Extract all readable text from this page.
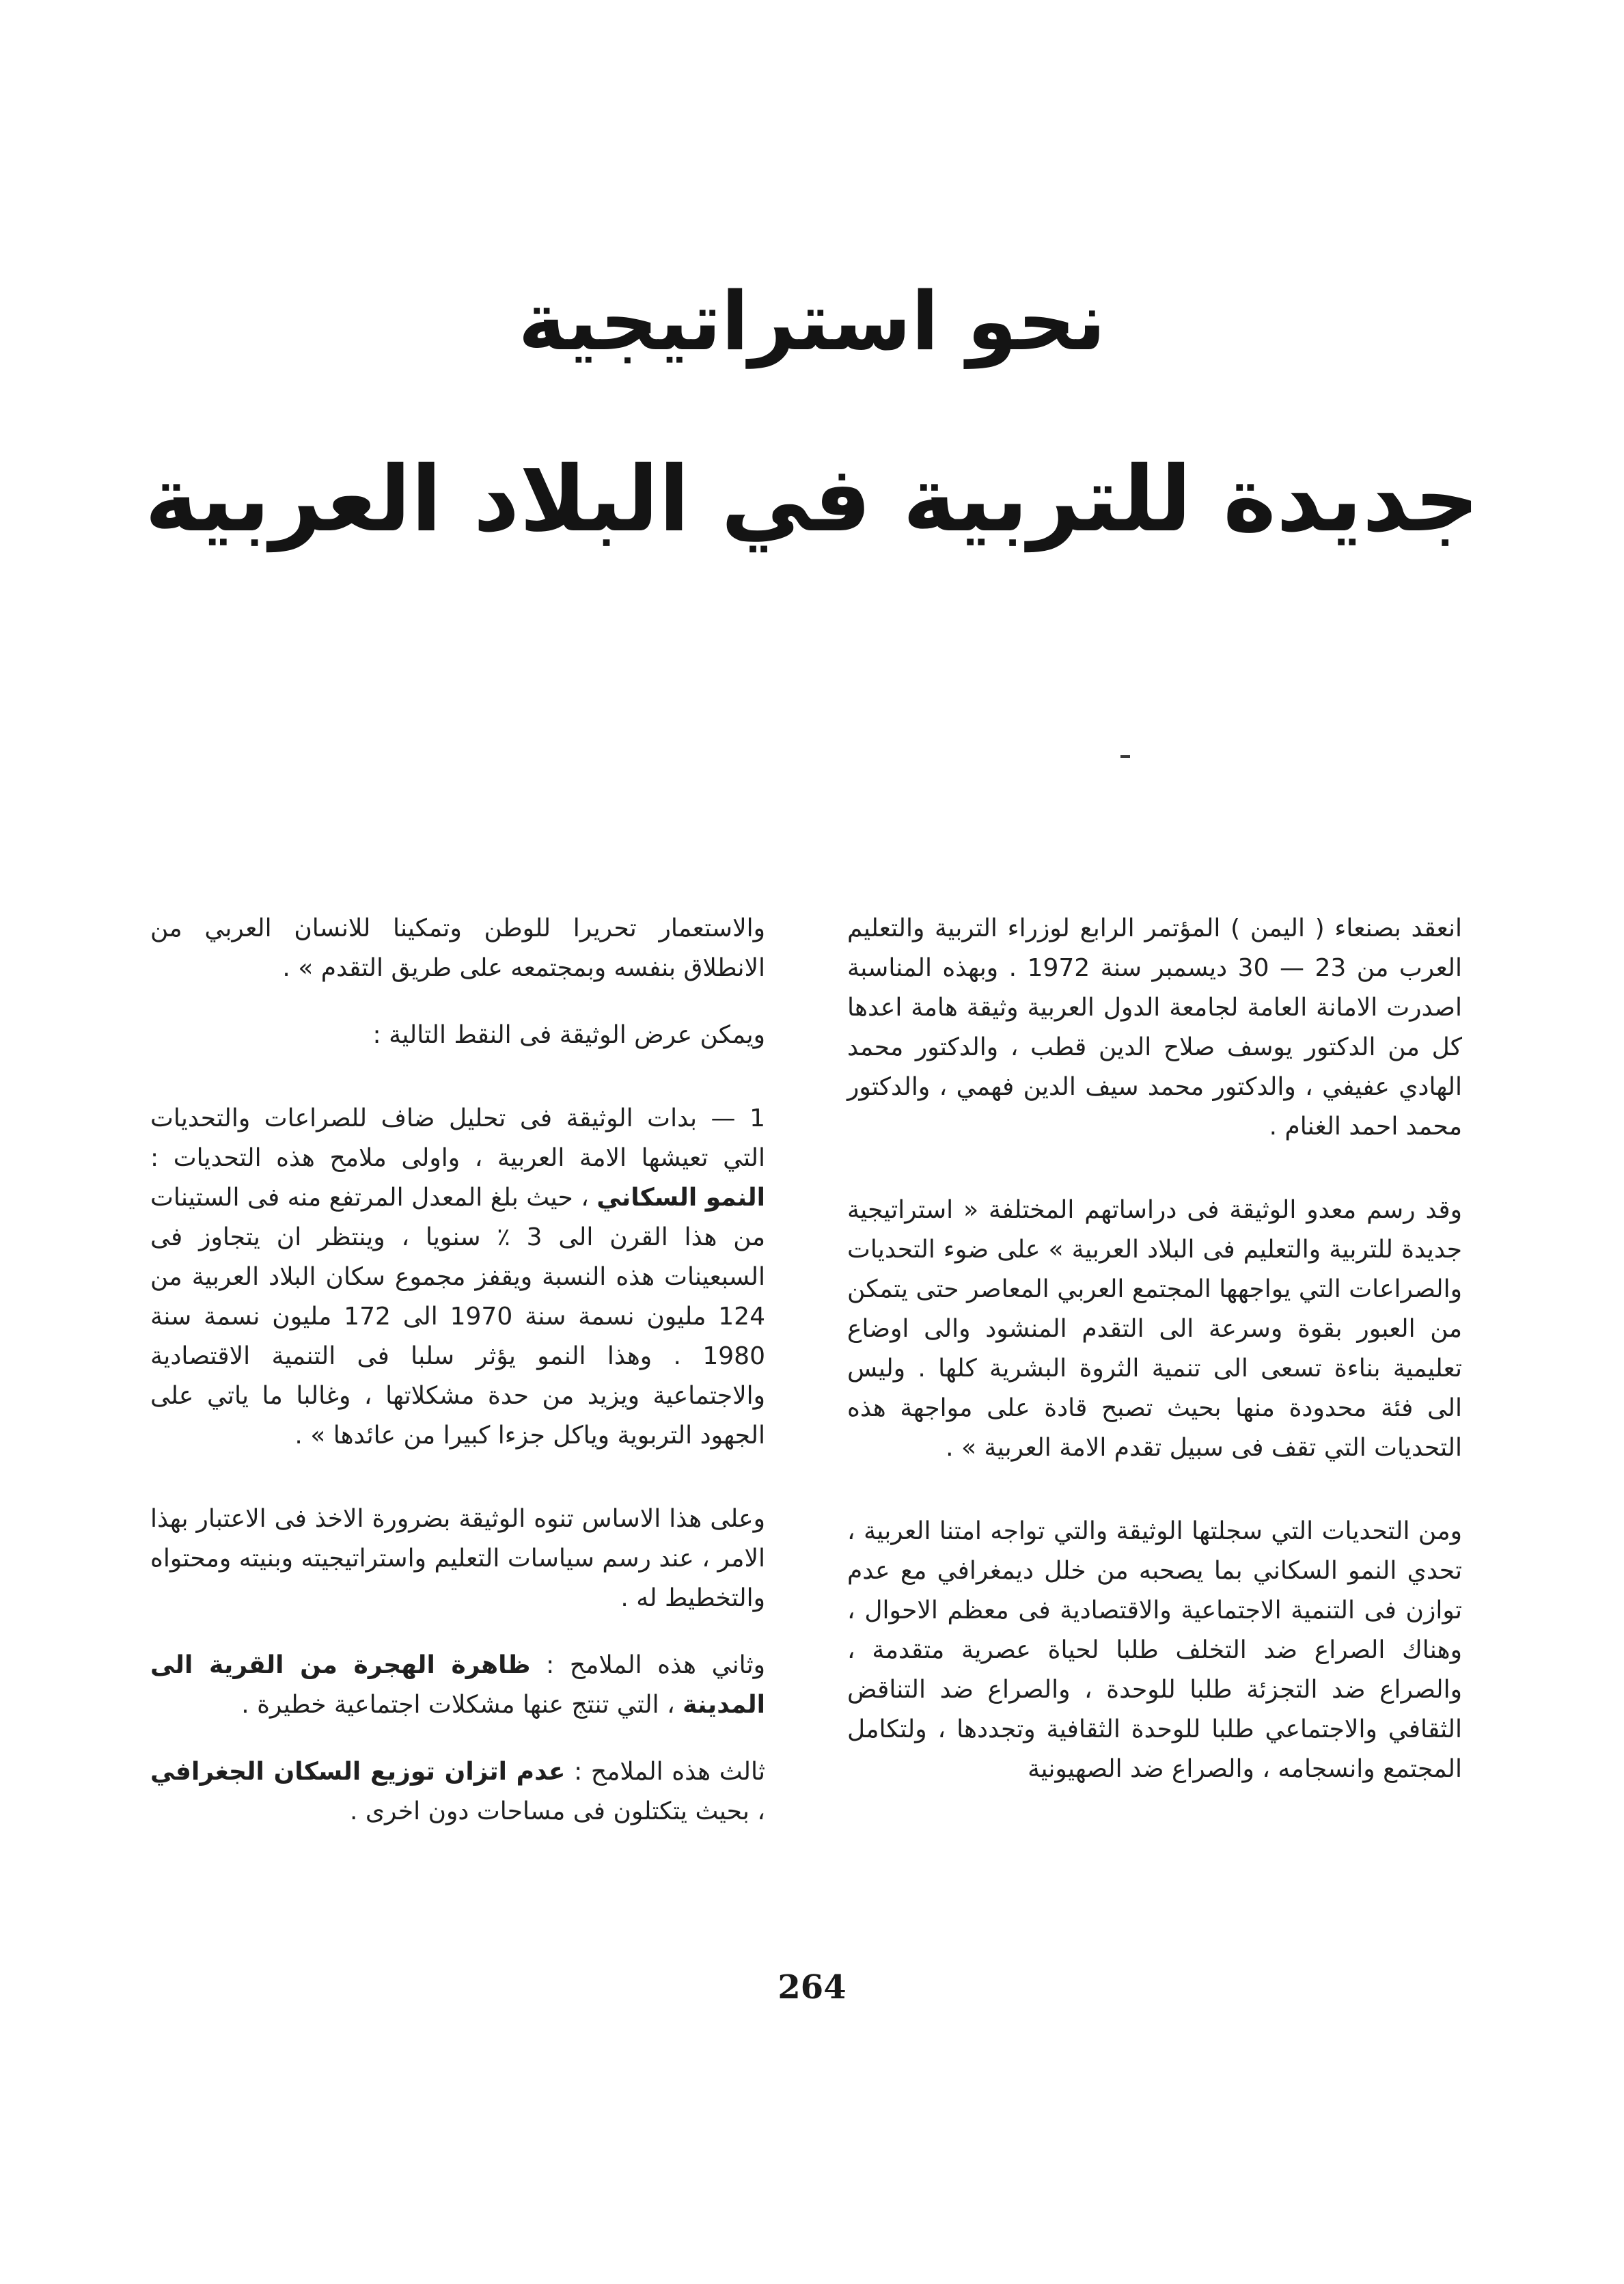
نحو استراتيجية
جديدة للتربية في البلاد العربية

انعقد بصنعاء ( اليمن ) المؤتمر الرابع لوزراء التربية والتعليم العرب من 23 — 30 ديسمبر سنة 1972 . وبهذه المناسبة اصدرت الامانة العامة لجامعة الدول العربية وثيقة هامة اعدها كل من الدكتور يوسف صلاح الدين قطب ، والدكتور محمد الهادي عفيفي ، والدكتور محمد سيف الدين فهمي ، والدكتور محمد احمد الغنام .

وقد رسم معدو الوثيقة فى دراساتهم المختلفة « استراتيجية جديدة للتربية والتعليم فى البلاد العربية » على ضوء التحديات والصراعات التي يواجهها المجتمع العربي المعاصر حتى يتمكن من العبور بقوة وسرعة الى التقدم المنشود والى اوضاع تعليمية بناءة تسعى الى تنمية الثروة البشرية كلها . وليس الى فئة محدودة منها بحيث تصبح قادة على مواجهة هذه التحديات التي تقف فى سبيل تقدم الامة العربية » .

ومن التحديات التي سجلتها الوثيقة والتي تواجه امتنا العربية ، تحدي النمو السكاني بما يصحبه من خلل ديمغرافي مع عدم توازن فى التنمية الاجتماعية والاقتصادية فى معظم الاحوال ، وهناك الصراع ضد التخلف طلبا لحياة عصرية متقدمة ، والصراع ضد التجزئة طلبا للوحدة ، والصراع ضد التناقض الثقافي والاجتماعي طلبا للوحدة الثقافية وتجددها ، ولتكامل المجتمع وانسجامه ، والصراع ضد الصهيونية

والاستعمار تحريرا للوطن وتمكينا للانسان العربي من الانطلاق بنفسه وبمجتمعه على طريق التقدم » .

ويمكن عرض الوثيقة فى النقط التالية :

1 — بدات الوثيقة فى تحليل ضاف للصراعات والتحديات التي تعيشها الامة العربية ، واولى ملامح هذه التحديات : النمو السكاني ، حيث بلغ المعدل المرتفع منه فى الستينات من هذا القرن الى 3 ٪ سنويا ، وينتظر ان يتجاوز فى السبعينات هذه النسبة ويقفز مجموع سكان البلاد العربية من 124 مليون نسمة سنة 1970 الى 172 مليون نسمة سنة 1980 . وهذا النمو يؤثر سلبا فى التنمية الاقتصادية والاجتماعية ويزيد من حدة مشكلاتها ، وغالبا ما ياتي على الجهود التربوية وياكل جزءا كبيرا من عائدها » .

وعلى هذا الاساس تنوه الوثيقة بضرورة الاخذ فى الاعتبار بهذا الامر ، عند رسم سياسات التعليم واستراتيجيته وبنيته ومحتواه والتخطيط له .

وثاني هذه الملامح : ظاهرة الهجرة من القرية الى المدينة ، التي تنتج عنها مشكلات اجتماعية خطيرة .

ثالث هذه الملامح : عدم اتزان توزيع السكان الجغرافي ، بحيث يتكتلون فى مساحات دون اخرى .

264
